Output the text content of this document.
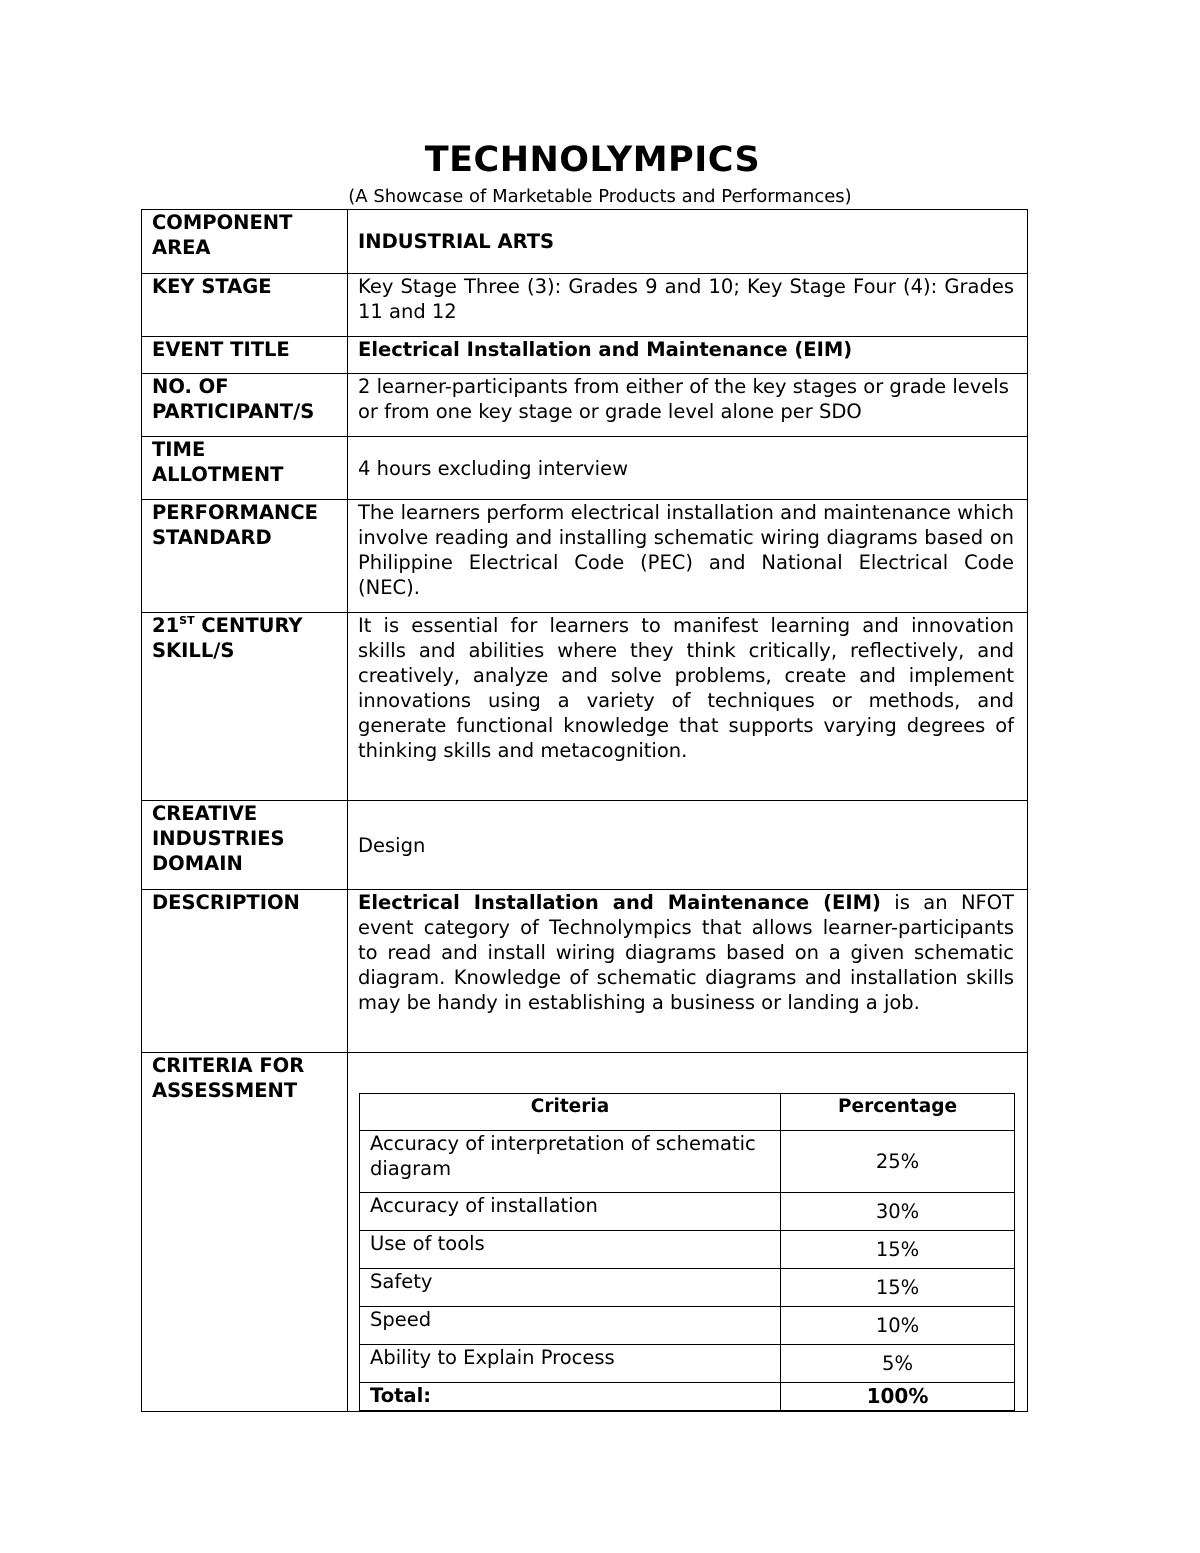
TECHNOLYMPICS
(A Showcase of Marketable Products and Performances)
COMPONENT AREA	INDUSTRIAL ARTS
KEY STAGE	Key Stage Three (3): Grades 9 and 10; Key Stage Four (4): Grades 11 and 12
EVENT TITLE	Electrical Installation and Maintenance (EIM)
NO. OF PARTICIPANT/S	2 learner-participants from either of the key stages or grade levels or from one key stage or grade level alone per SDO
TIME ALLOTMENT	4 hours excluding interview
PERFORMANCE STANDARD	The learners perform electrical installation and maintenance which involve reading and installing schematic wiring diagrams based on Philippine Electrical Code (PEC) and National Electrical Code (NEC).
21ST CENTURY SKILL/S	It is essential for learners to manifest learning and innovation skills and abilities where they think critically, reflectively, and creatively, analyze and solve problems, create and implement innovations using a variety of techniques or methods, and generate functional knowledge that supports varying degrees of thinking skills and metacognition.
CREATIVE INDUSTRIES DOMAIN	Design
DESCRIPTION	Electrical Installation and Maintenance (EIM) is an NFOT event category of Technolympics that allows learner-participants to read and install wiring diagrams based on a given schematic diagram. Knowledge of schematic diagrams and installation skills may be handy in establishing a business or landing a job.
CRITERIA FOR ASSESSMENT	
Criteria	Percentage
Accuracy of interpretation of schematic diagram	25%
Accuracy of installation	30%
Use of tools	15%
Safety	15%
Speed	10%
Ability to Explain Process	5%
Total:	100%
